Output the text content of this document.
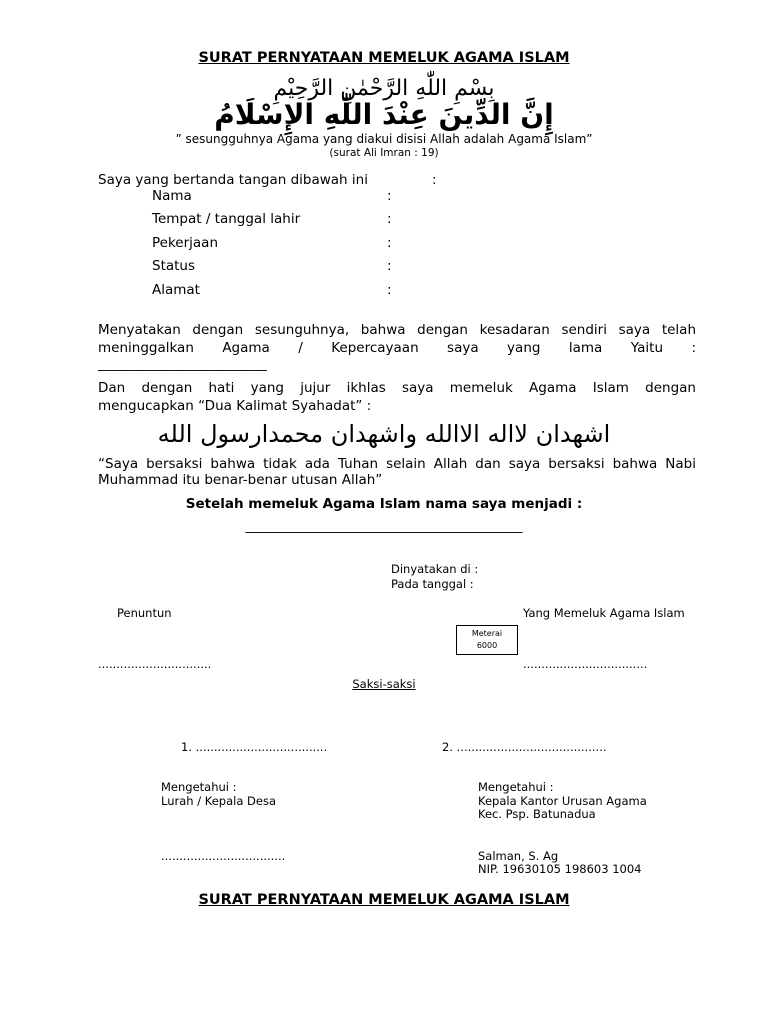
SURAT PERNYATAAN MEMELUK AGAMA ISLAM
بِسْمِ اللّٰهِ الرَّحْمٰنِ الرَّحِيْمِ
إِنَّ الدِّينَ عِنْدَ اللّٰهِ الإِسْلَامُ
” sesungguhnya Agama yang diakui disisi Allah adalah Agama Islam”
(surat Ali Imran : 19)
Saya yang bertanda tangan dibawah ini	:
Nama	:
Tempat / tanggal lahir	:
Pekerjaan	:
Status	:
Alamat	:
Menyatakan dengan sesunguhnya, bahwa dengan kesadaran sendiri saya telah
meninggalkan Agama / Kepercayaan saya yang lama Yaitu :
_________________________
Dan dengan hati yang jujur ikhlas saya memeluk Agama Islam dengan
mengucapkan “Dua Kalimat Syahadat” :
اشهدان لااله الاالله واشهدان محمدارسول الله
“Saya bersaksi bahwa tidak ada Tuhan selain Allah dan saya bersaksi bahwa Nabi
Muhammad itu benar-benar utusan Allah”
Setelah memeluk Agama Islam nama saya menjadi :
_________________________________________
Dinyatakan di :
Pada tanggal :
Penuntun	Yang Memeluk Agama Islam
Meterai
6000
...............................	..................................
Saksi-saksi
1. ....................................	2. .........................................
Mengetahui :
Lurah / Kepala Desa
..................................
Mengetahui :
Kepala Kantor Urusan Agama
Kec. Psp. Batunadua
Salman, S. Ag
NIP. 19630105 198603 1004
SURAT PERNYATAAN MEMELUK AGAMA ISLAM
